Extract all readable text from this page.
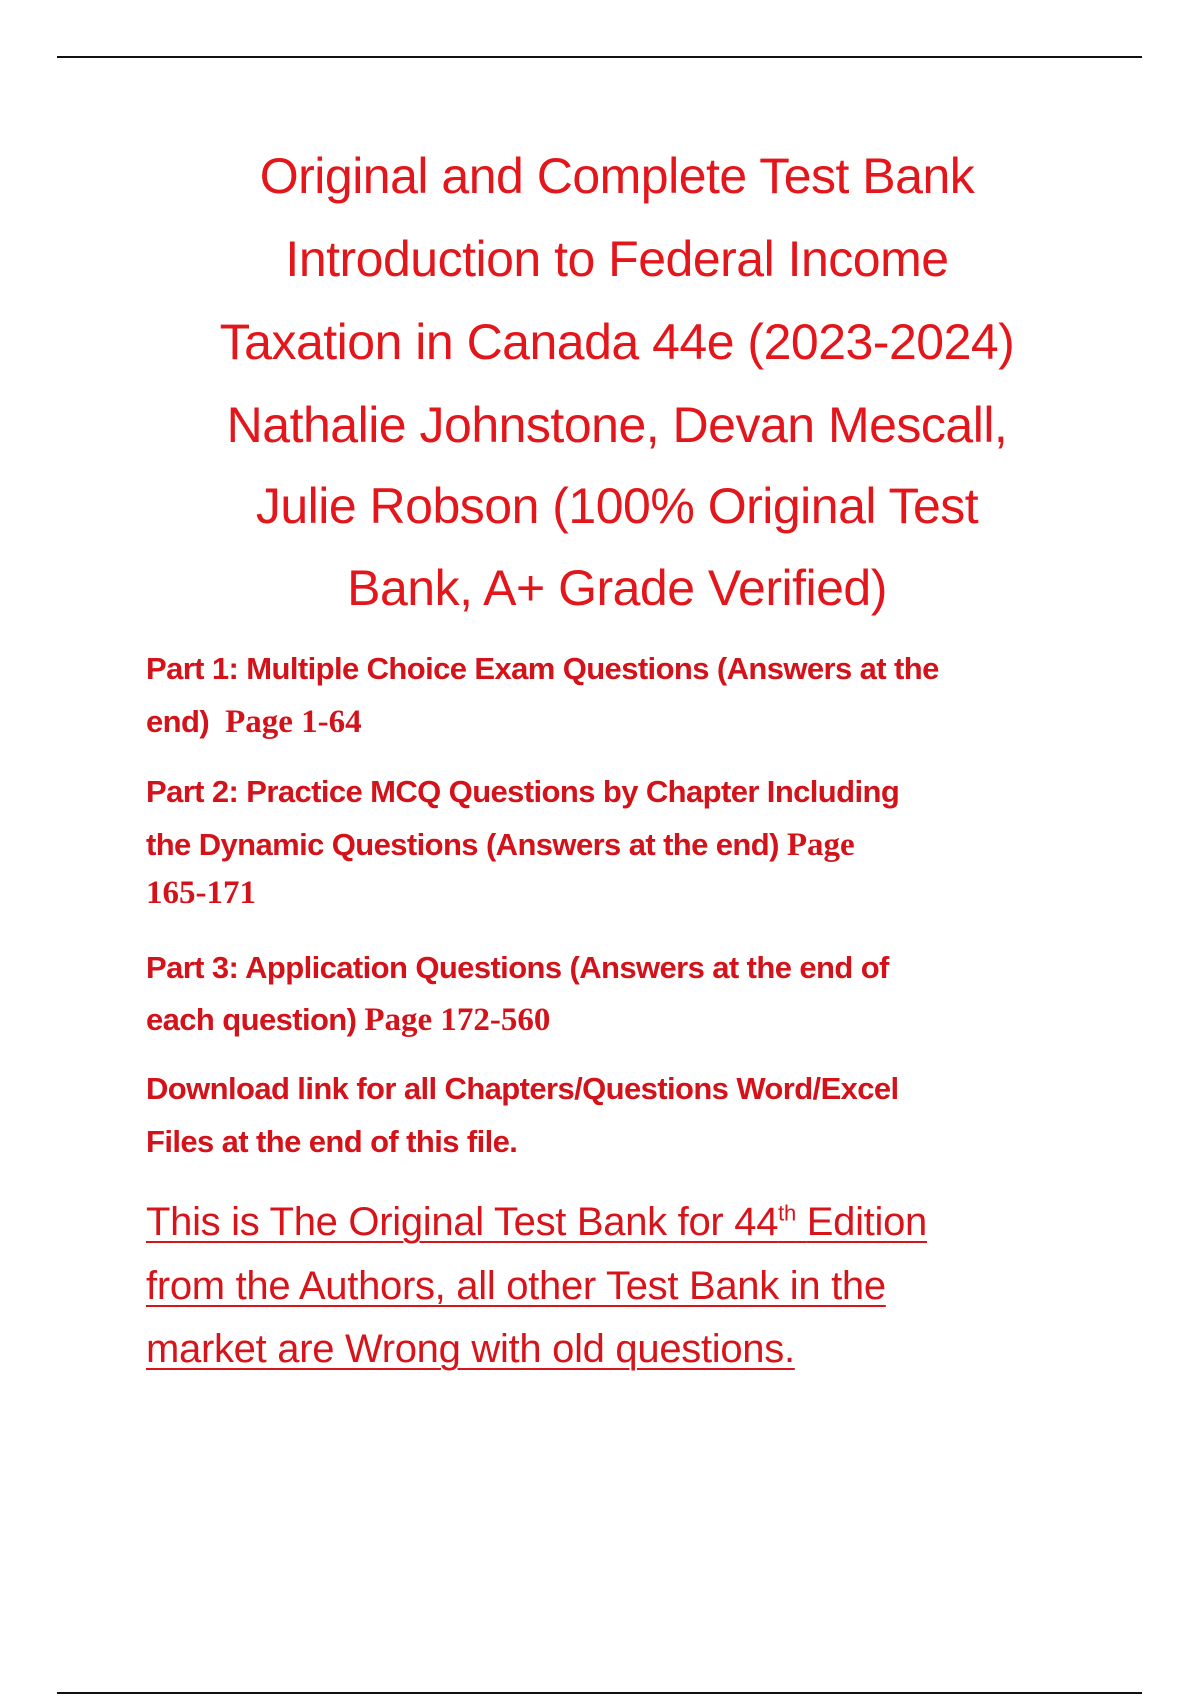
Original and Complete Test Bank
Introduction to Federal Income
Taxation in Canada 44e (2023-2024)
Nathalie Johnstone, Devan Mescall,
Julie Robson (100% Original Test
Bank, A+ Grade Verified)
Part 1: Multiple Choice Exam Questions (Answers at the
end) Page 1-64
Part 2: Practice MCQ Questions by Chapter Including
the Dynamic Questions (Answers at the end) Page
165-171
Part 3: Application Questions (Answers at the end of
each question) Page 172-560
Download link for all Chapters/Questions Word/Excel
Files at the end of this file.
This is The Original Test Bank for 44th Edition
from the Authors, all other Test Bank in the
market are Wrong with old questions.
